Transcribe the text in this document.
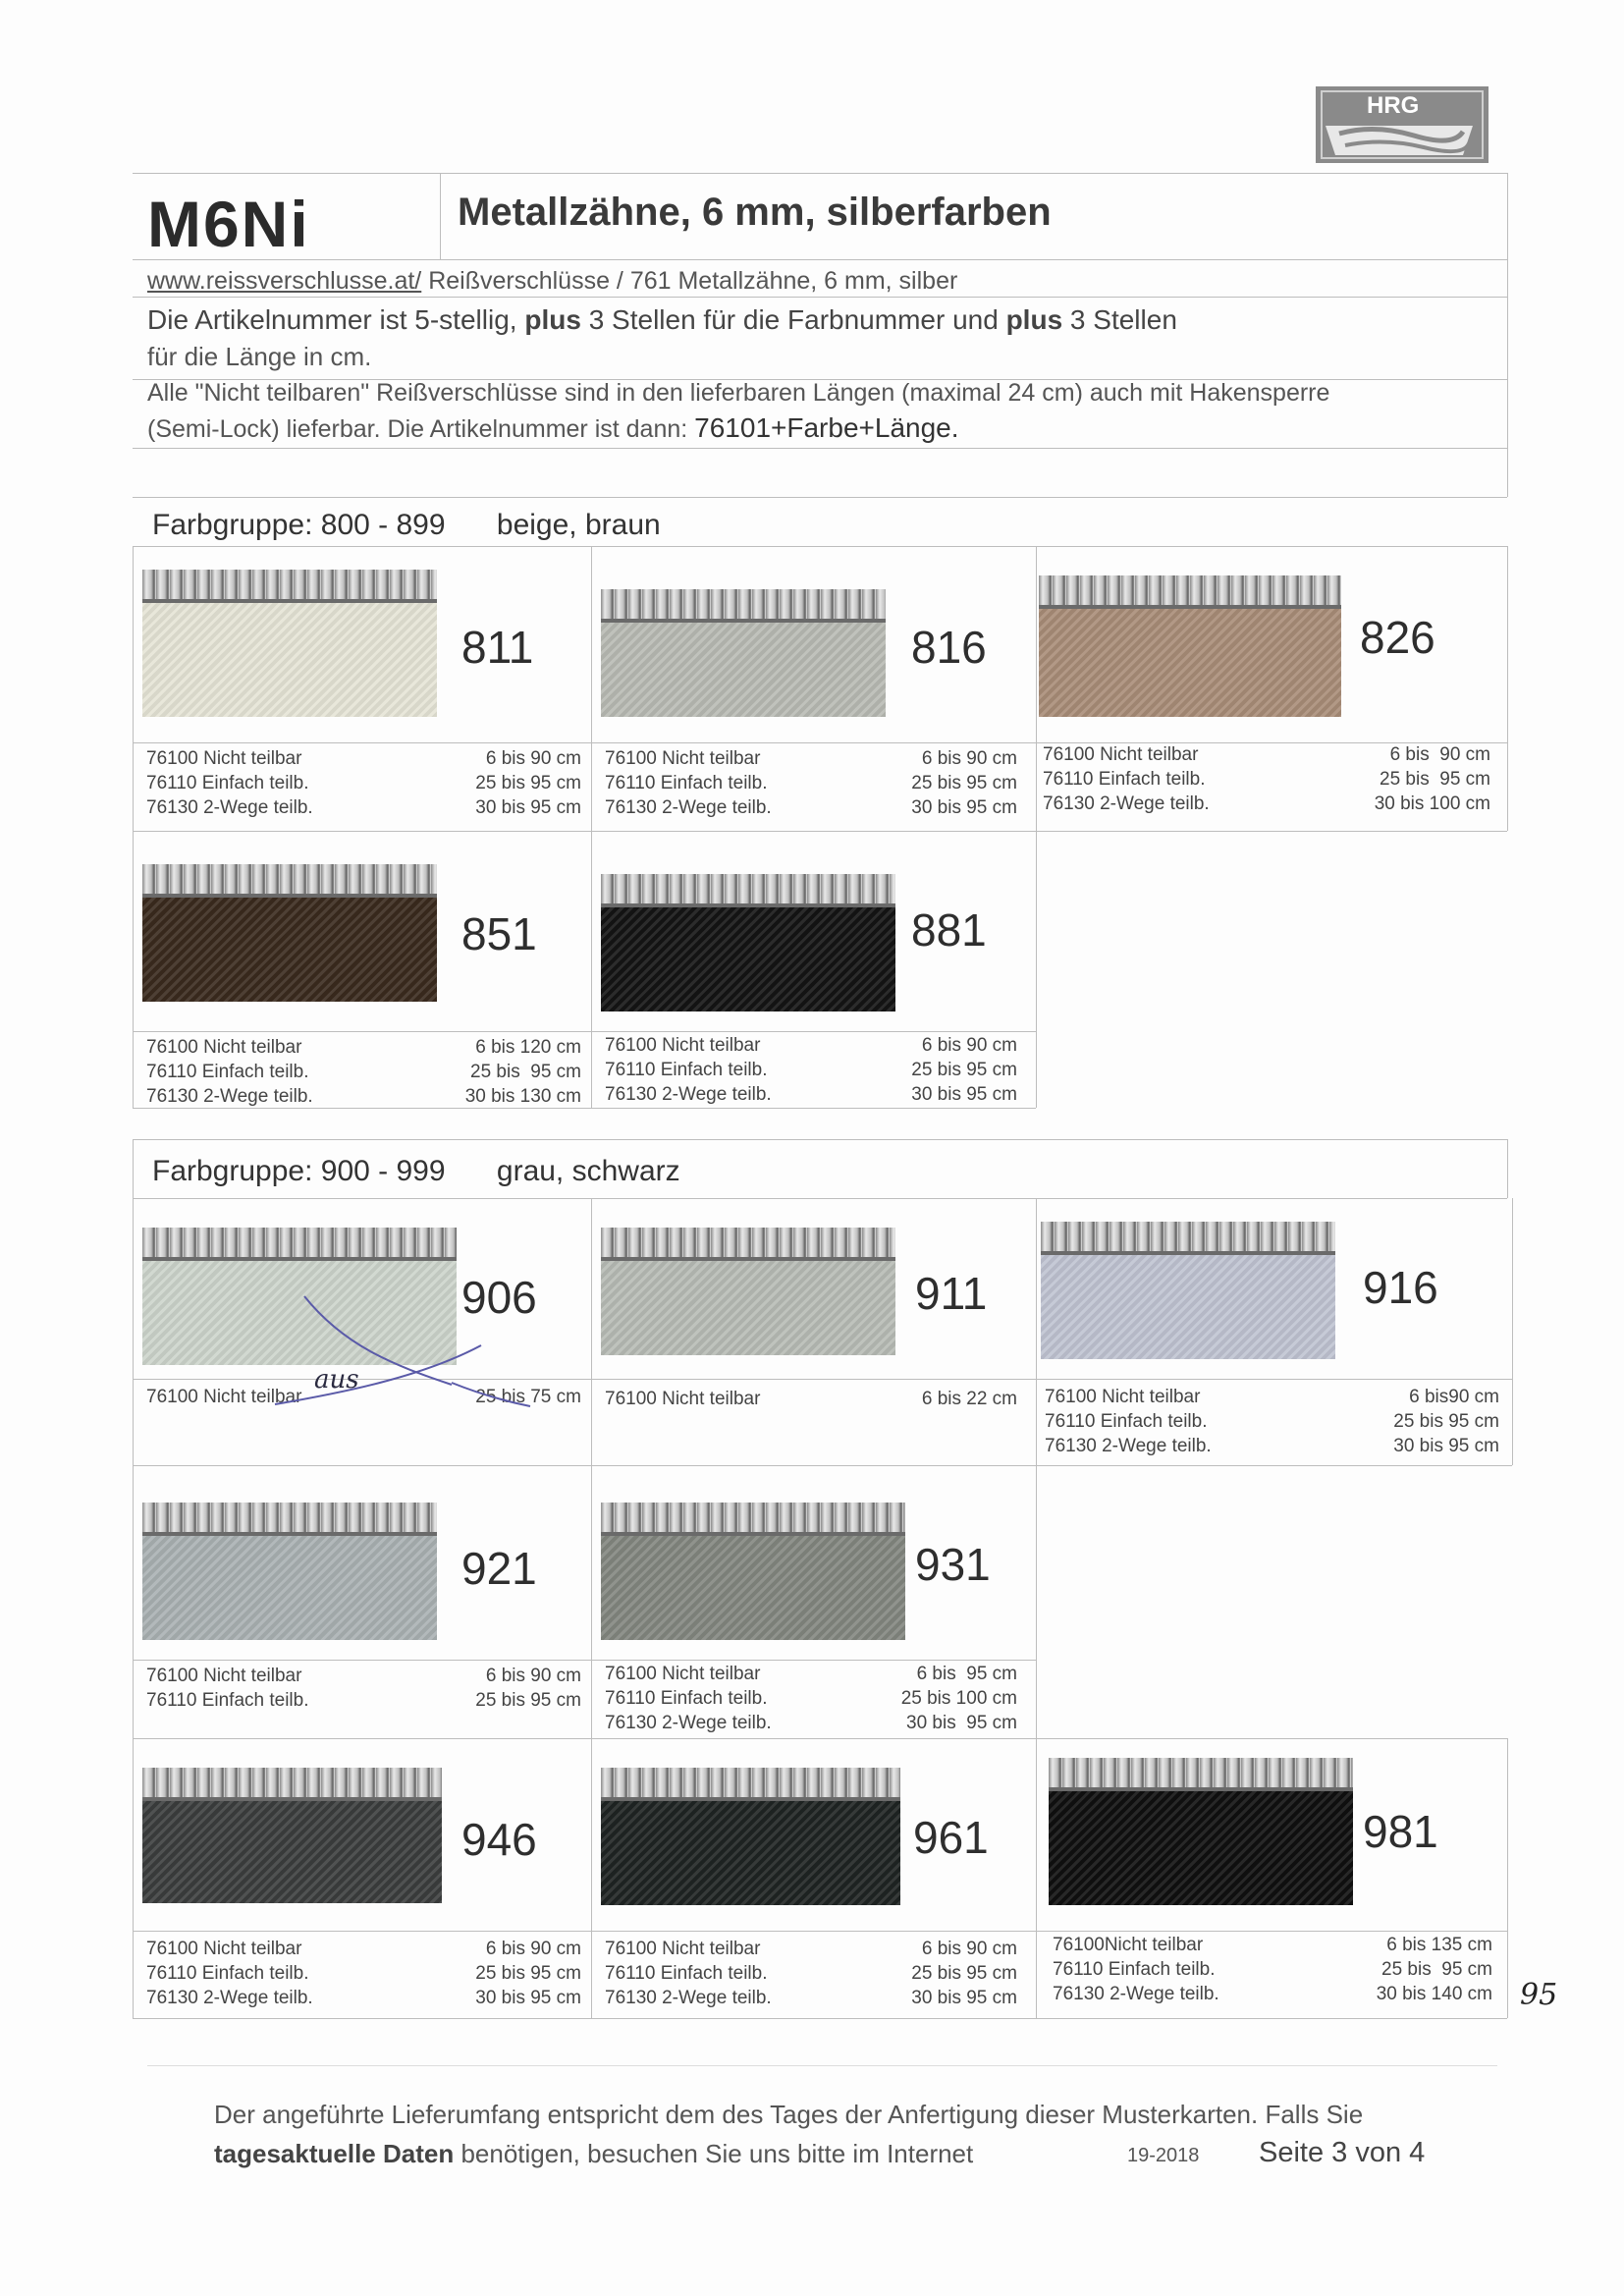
HRG
M6Ni	Metallzähne, 6 mm, silberfarben
www.reissverschlusse.at/ Reißverschlüsse / 761 Metallzähne, 6 mm, silber
Die Artikelnummer ist 5-stellig, plus 3 Stellen für die Farbnummer und plus 3 Stellen
für die Länge in cm.
Alle "Nicht teilbaren" Reißverschlüsse sind in den lieferbaren Längen (maximal 24 cm) auch mit Hakensperre
(Semi-Lock) lieferbar. Die Artikelnummer ist dann: 76101+Farbe+Länge.
Farbgruppe: 800 - 899 beige, braun
Farbgruppe: 900 - 999 grau, schwarz
811
76100 Nicht teilbar	6 bis 90 cm
76110 Einfach teilb.	25 bis 95 cm
76130 2-Wege teilb.	30 bis 95 cm
816
76100 Nicht teilbar	6 bis 90 cm
76110 Einfach teilb.	25 bis 95 cm
76130 2-Wege teilb.	30 bis 95 cm
826
76100 Nicht teilbar	6 bis  90 cm
76110 Einfach teilb.	25 bis  95 cm
76130 2-Wege teilb.	30 bis 100 cm
851
76100 Nicht teilbar	6 bis 120 cm
76110 Einfach teilb.	25 bis  95 cm
76130 2-Wege teilb.	30 bis 130 cm
881
76100 Nicht teilbar	6 bis 90 cm
76110 Einfach teilb.	25 bis 95 cm
76130 2-Wege teilb.	30 bis 95 cm
906
76100 Nicht teilbar	25 bis 75 cm
911
76100 Nicht teilbar	6 bis 22 cm
916
76100 Nicht teilbar	6 bis90 cm
76110 Einfach teilb.	25 bis 95 cm
76130 2-Wege teilb.	30 bis 95 cm
921
76100 Nicht teilbar	6 bis 90 cm
76110 Einfach teilb.	25 bis 95 cm
931
76100 Nicht teilbar	6 bis  95 cm
76110 Einfach teilb.	25 bis 100 cm
76130 2-Wege teilb.	30 bis  95 cm
946
76100 Nicht teilbar	6 bis 90 cm
76110 Einfach teilb.	25 bis 95 cm
76130 2-Wege teilb.	30 bis 95 cm
961
76100 Nicht teilbar	6 bis 90 cm
76110 Einfach teilb.	25 bis 95 cm
76130 2-Wege teilb.	30 bis 95 cm
981
76100Nicht teilbar	6 bis 135 cm
76110 Einfach teilb.	25 bis  95 cm
76130 2-Wege teilb.	30 bis 140 cm
aus
95
Der angeführte Lieferumfang entspricht dem des Tages der Anfertigung dieser Musterkarten. Falls Sie
tagesaktuelle Daten benötigen, besuchen Sie uns bitte im Internet	19-2018 Seite 3 von 4
